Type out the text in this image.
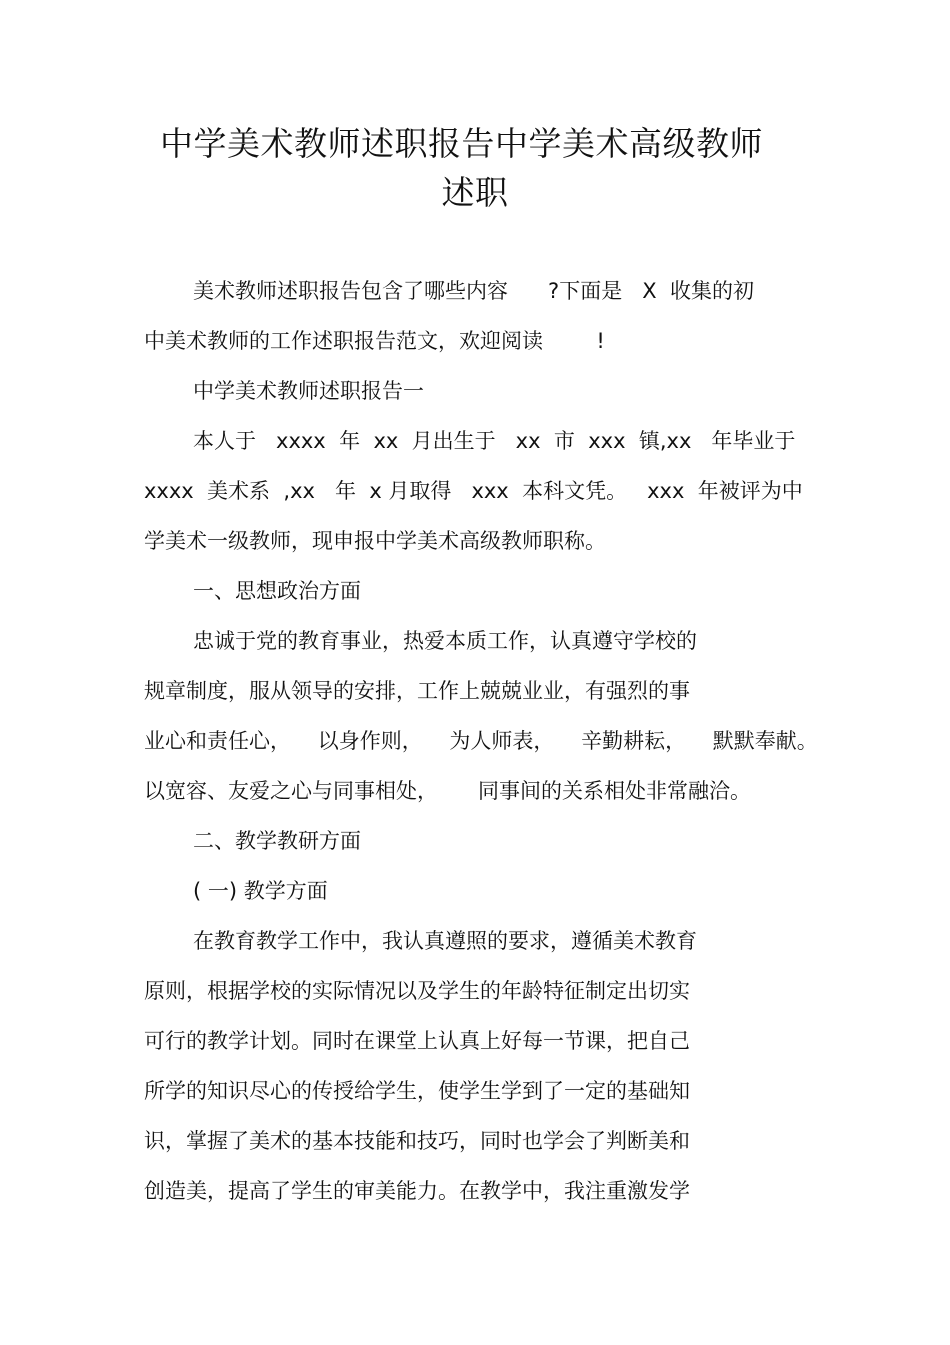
中学美术教师述职报告中学美术高级教师
述职
美术教师述职报告包含了哪些内容      ?下面是   X  收集的初
中美术教师的工作述职报告范文，欢迎阅读        !
中学美术教师述职报告一
本人于   xxxx  年  xx  月出生于   xx  市  xxx  镇,xx   年毕业于
xxxx  美术系  ,xx   年  x 月取得   xxx  本科文凭。   xxx  年被评为中
学美术一级教师，现申报中学美术高级教师职称。
一、思想政治方面
忠诚于党的教育事业，热爱本质工作，认真遵守学校的
规章制度，服从领导的安排，工作上兢兢业业，有强烈的事
业心和责任心，    以身作则，    为人师表，    辛勤耕耘，    默默奉献。
以宽容、友爱之心与同事相处，      同事间的关系相处非常融洽。
二、教学教研方面
( 一) 教学方面
在教育教学工作中，我认真遵照的要求，遵循美术教育
原则，根据学校的实际情况以及学生的年龄特征制定出切实
可行的教学计划。同时在课堂上认真上好每一节课，把自己
所学的知识尽心的传授给学生，使学生学到了一定的基础知
识，掌握了美术的基本技能和技巧，同时也学会了判断美和
创造美，提高了学生的审美能力。在教学中，我注重激发学
